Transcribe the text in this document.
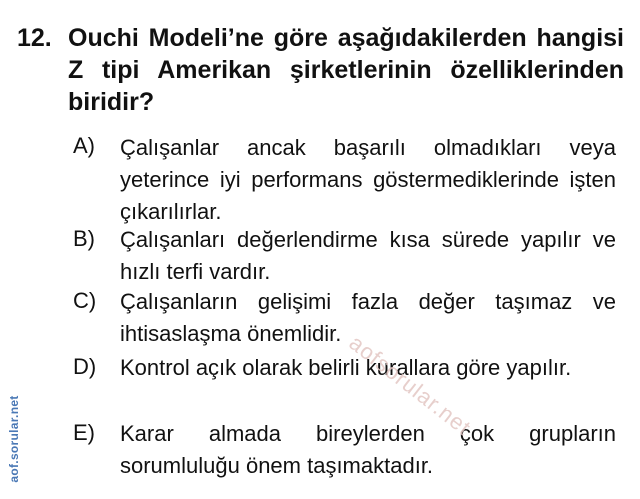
12. Ouchi Modeli’ne göre aşağıdakilerden hangisi Z tipi Amerikan şirketlerinin özelliklerinden biridir?
A) Çalışanlar ancak başarılı olmadıkları veya yeterince iyi performans göstermediklerinde işten çıkarılırlar.
B) Çalışanları değerlendirme kısa sürede yapılır ve hızlı terfi vardır.
C) Çalışanların gelişimi fazla değer taşımaz ve ihtisaslaşma önemlidir.
D) Kontrol açık olarak belirli kurallara göre yapılır.
E) Karar almada bireylerden çok grupların sorumluluğu önem taşımaktadır.
aof.sorular.net	aofsorular.net
